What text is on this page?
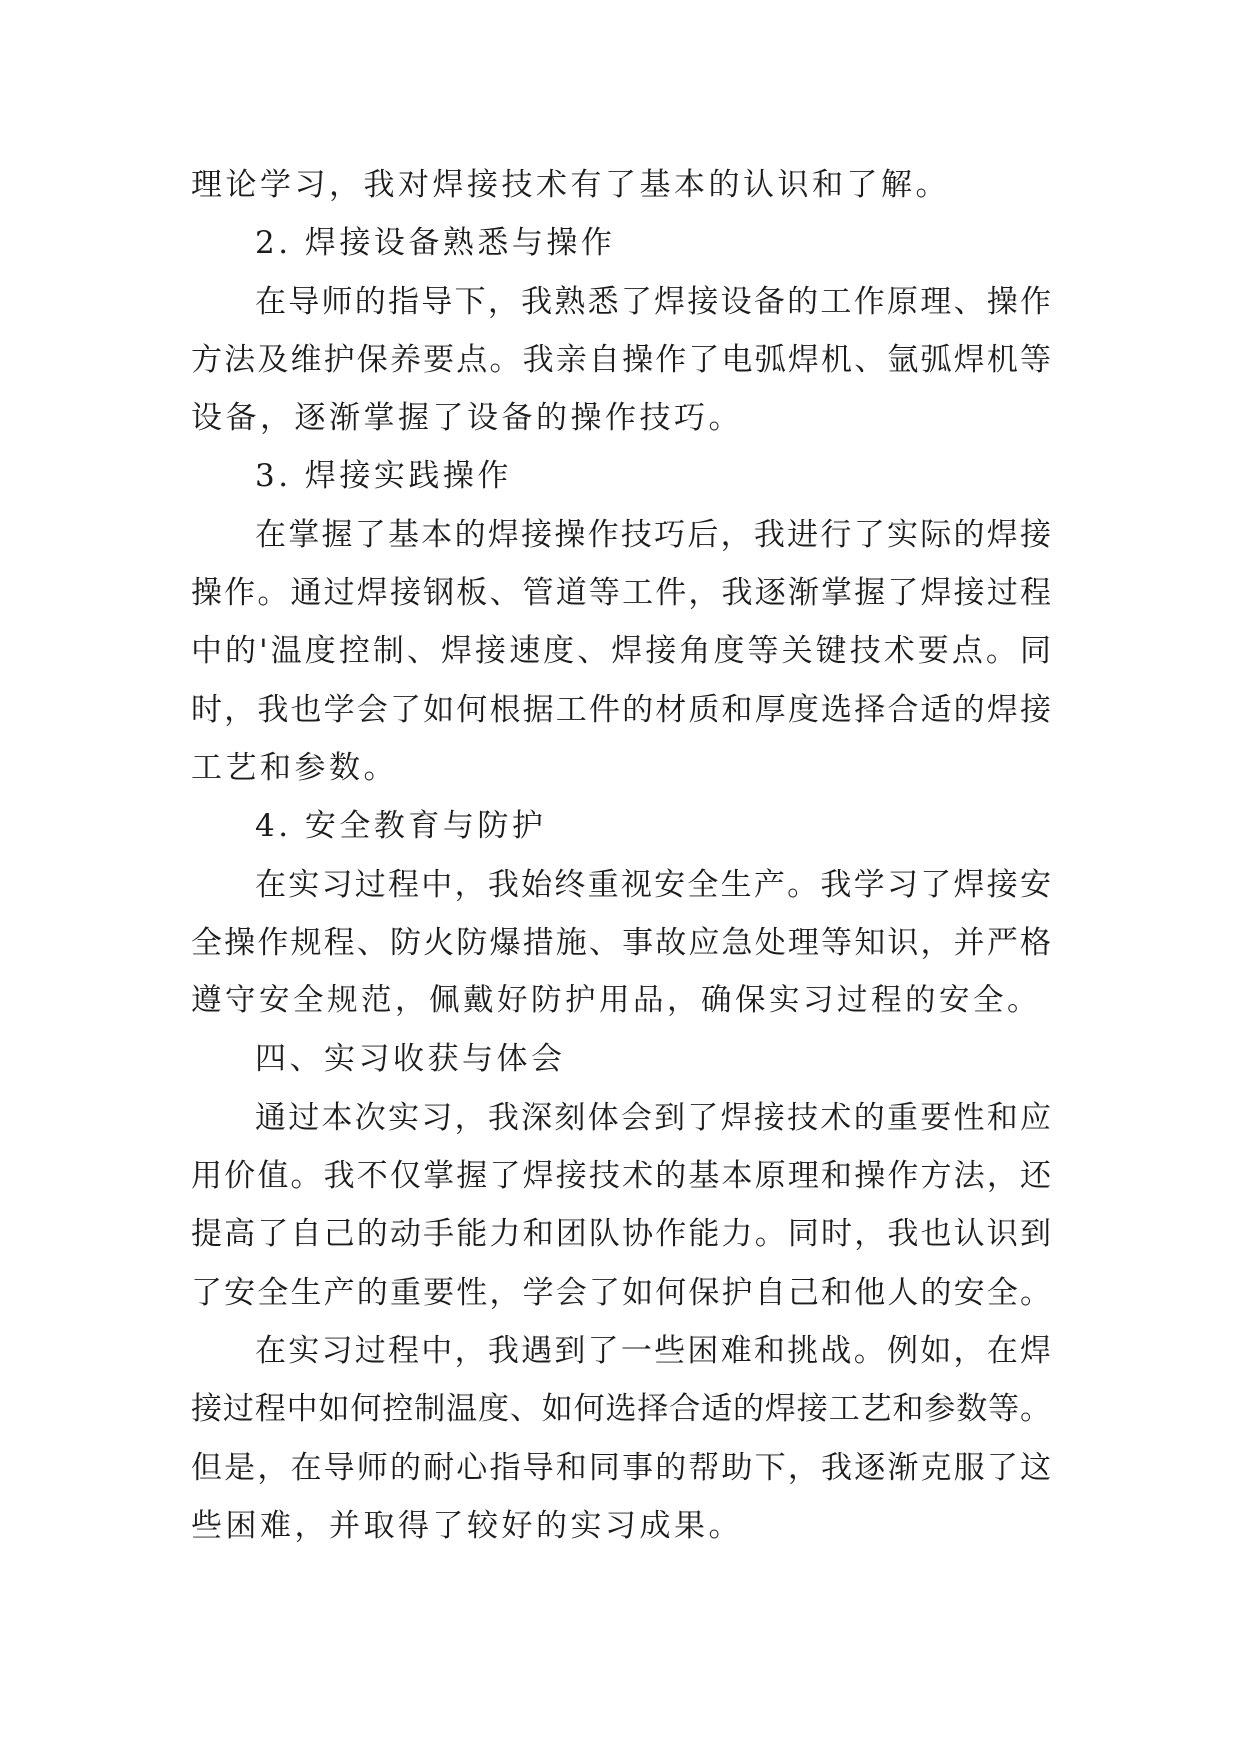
理论学习，我对焊接技术有了基本的认识和了解。
2. 焊接设备熟悉与操作
在导师的指导下，我熟悉了焊接设备的工作原理、操作
方法及维护保养要点。我亲自操作了电弧焊机、氩弧焊机等
设备，逐渐掌握了设备的操作技巧。
3. 焊接实践操作
在掌握了基本的焊接操作技巧后，我进行了实际的焊接
操作。通过焊接钢板、管道等工件，我逐渐掌握了焊接过程
中的'温度控制、焊接速度、焊接角度等关键技术要点。同
时，我也学会了如何根据工件的材质和厚度选择合适的焊接
工艺和参数。
4. 安全教育与防护
在实习过程中，我始终重视安全生产。我学习了焊接安
全操作规程、防火防爆措施、事故应急处理等知识，并严格
遵守安全规范，佩戴好防护用品，确保实习过程的安全。
四、实习收获与体会
通过本次实习，我深刻体会到了焊接技术的重要性和应
用价值。我不仅掌握了焊接技术的基本原理和操作方法，还
提高了自己的动手能力和团队协作能力。同时，我也认识到
了安全生产的重要性，学会了如何保护自己和他人的安全。
在实习过程中，我遇到了一些困难和挑战。例如，在焊
接过程中如何控制温度、如何选择合适的焊接工艺和参数等。
但是，在导师的耐心指导和同事的帮助下，我逐渐克服了这
些困难，并取得了较好的实习成果。
